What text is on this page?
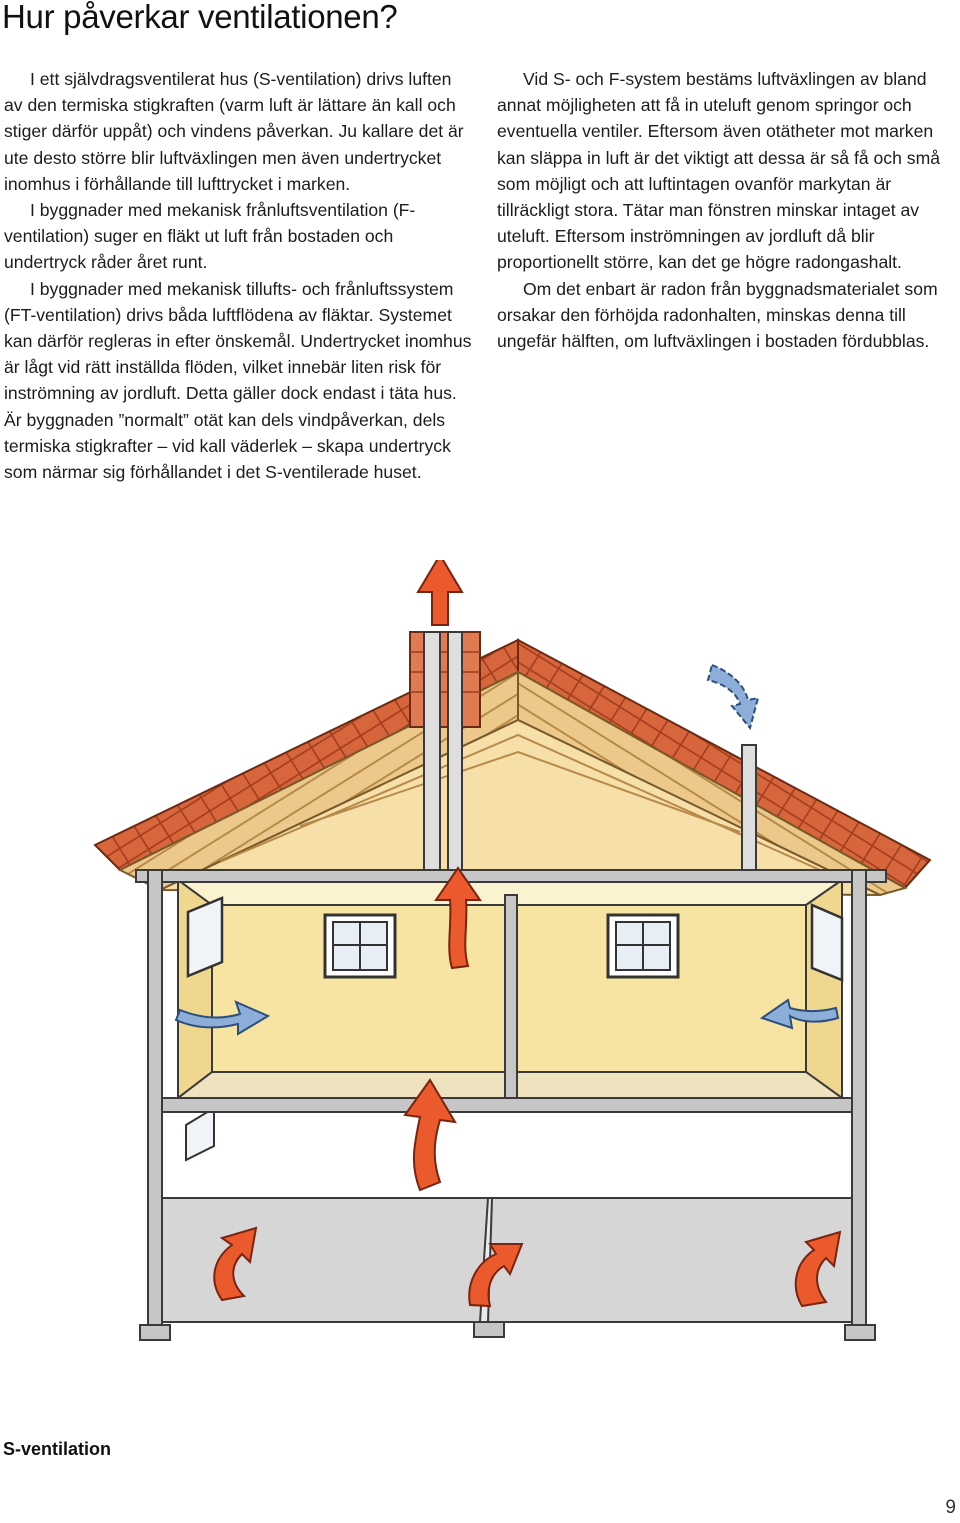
Hur påverkar ventilationen?

I ett självdragsventilerat hus (S-ventilation) drivs luften av den termiska stigkraften (varm luft är lättare än kall och stiger därför uppåt) och vindens påverkan. Ju kallare det är ute desto större blir luftväxlingen men även undertrycket inomhus i förhållande till lufttrycket i marken.

I byggnader med mekanisk frånluftsventilation (F-ventilation) suger en fläkt ut luft från bostaden och undertryck råder året runt.

I byggnader med mekanisk tillufts- och frånluftssystem (FT-ventilation) drivs båda luftflödena av fläktar. Systemet kan därför regleras in efter önskemål. Undertrycket inomhus är lågt vid rätt inställda flöden, vilket innebär liten risk för inströmning av jordluft. Detta gäller dock endast i täta hus. Är byggnaden ”normalt” otät kan dels vindpåverkan, dels termiska stigkrafter – vid kall väderlek – skapa undertryck som närmar sig förhållandet i det S-ventilerade huset.

Vid S- och F-system bestäms luftväxlingen av bland annat möjligheten att få in uteluft genom springor och eventuella ventiler. Eftersom även otätheter mot marken kan släppa in luft är det viktigt att dessa är så få och små som möjligt och att luftintagen ovanför markytan är tillräckligt stora. Tätar man fönstren minskar intaget av uteluft. Eftersom inströmningen av jordluft då blir proportionellt större, kan det ge högre radongashalt.

Om det enbart är radon från byggnadsmaterialet som orsakar den förhöjda radonhalten, minskas denna till ungefär hälften, om luftväxlingen i bostaden fördubblas.

S-ventilation
9
